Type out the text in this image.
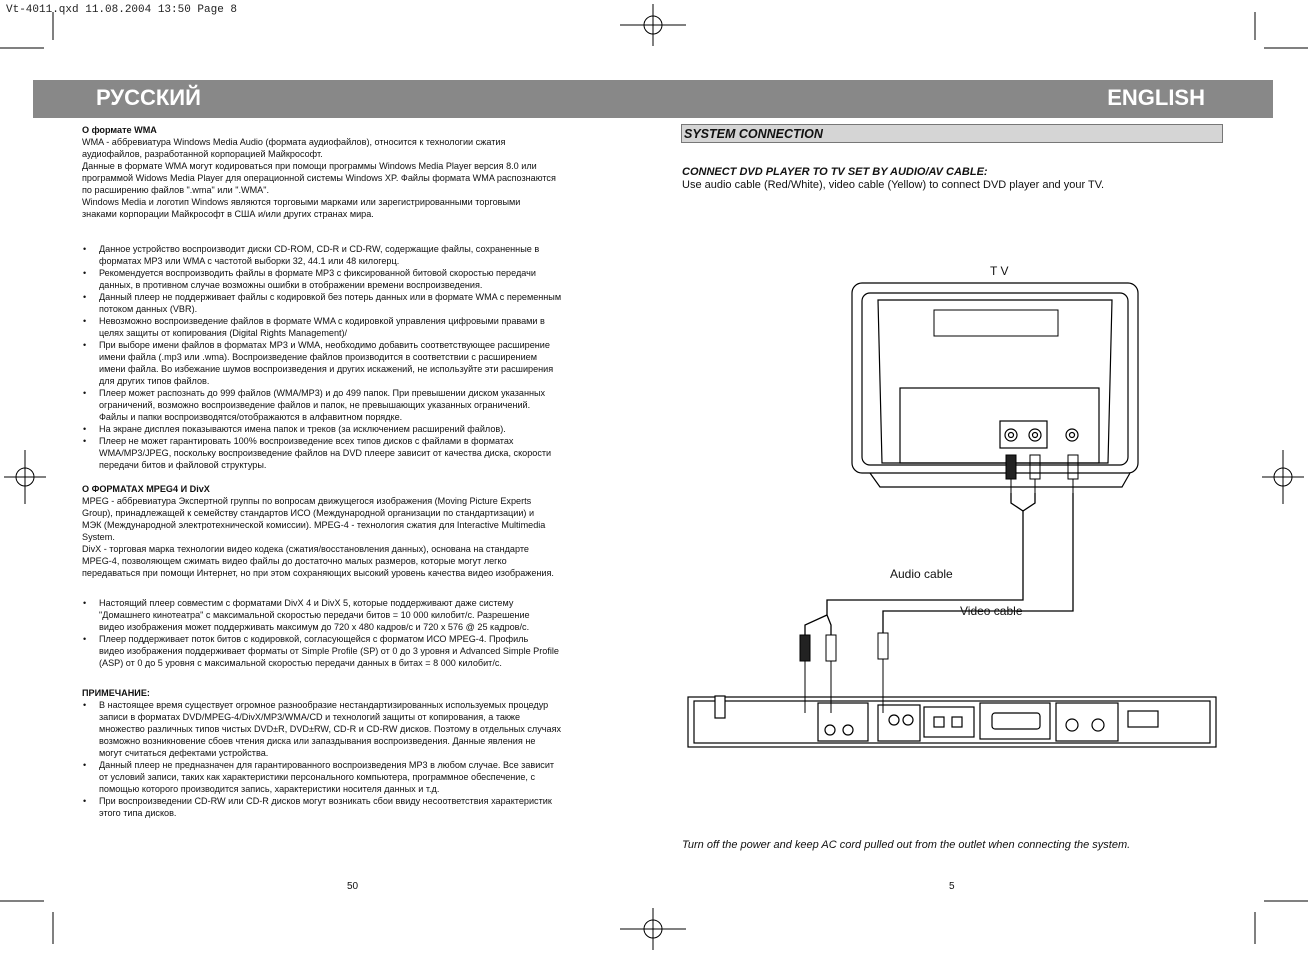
Vt-4011.qxd 11.08.2004 13:50 Page 8
РУССКИЙ	ENGLISH
О формате WMA

WMA - аббревиатура Windows Media Audio (формата аудиофайлов), относится к технологии сжатия

аудиофайлов, разработанной корпорацией Майкрософт.

Данные в формате WMA могут кодироваться при помощи программы Windows Media Player версия 8.0 или

программой Widows Media Player для операционной системы Windows XP. Файлы формата WMA распознаются

по расширению файлов ".wma" или ".WMA".

Windows Media и логотип Windows являются торговыми марками или зарегистрированными торговыми

знаками корпорации Майкрософт в США и/или других странах мира.

• Данное устройство воспроизводит диски CD-ROM, CD-R и CD-RW, содержащие файлы, сохраненные в
форматах MP3 или WMA с частотой выборки 32, 44.1 или 48 килогерц.
• Рекомендуется воспроизводить файлы в формате MP3 с фиксированной битовой скоростью передачи
данных, в противном случае возможны ошибки в отображении времени воспроизведения.
• Данный плеер не поддерживает файлы с кодировкой без потерь данных или в формате WMA с переменным
потоком данных (VBR).
• Невозможно воспроизведение файлов в формате WMA с кодировкой управления цифровыми правами в
целях защиты от копирования (Digital Rights Management)/
• При выборе имени файлов в форматах MP3 и WMA, необходимо добавить соответствующее расширение
имени файла (.mp3 или .wma). Воспроизведение файлов производится в соответствии с расширением
имени файла. Во избежание шумов воспроизведения и других искажений, не используйте эти расширения
для других типов файлов.
• Плеер может распознать до 999 файлов (WMA/MP3) и до 499 папок. При превышении диском указанных
ограничений, возможно воспроизведение файлов и папок, не превышающих указанных ограничений.
Файлы и папки воспроизводятся/отображаются в алфавитном порядке.
• На экране дисплея показываются имена папок и треков (за исключением расширений файлов).
• Плеер не может гарантировать 100% воспроизведение всех типов дисков с файлами в форматах
WMA/MP3/JPEG, поскольку воспроизведение файлов на DVD плеере зависит от качества диска, скорости
передачи битов и файловой структуры.
О ФОРМАТАХ MPEG4 И DivX

MPEG - аббревиатура Экспертной группы по вопросам движущегося изображения (Moving Picture Experts

Group), принадлежащей к семейству стандартов ИСО (Международной организации по стандартизации) и

МЭК (Международной электротехнической комиссии). MPEG-4 - технология сжатия для Interactive Multimedia

System.

DivX - торговая марка технологии видео кодека (сжатия/восстановления данных), основана на стандарте

MPEG-4, позволяющем сжимать видео файлы до достаточно малых размеров, которые могут легко

передаваться при помощи Интернет, но при этом сохраняющих высокий уровень качества видео изображения.

• Настоящий плеер совместим с форматами DivX 4 и DivX 5, которые поддерживают даже систему
"Домашнего кинотеатра" с максимальной скоростью передачи битов = 10 000 килобит/с. Разрешение
видео изображения может поддерживать максимум до 720 x 480 кадров/с и 720 x 576 @ 25 кадров/с.
• Плеер поддерживает поток битов с кодировкой, согласующейся с форматом ИСО MPEG-4. Профиль
видео изображения поддерживает форматы от Simple Profile (SP) от 0 до 3 уровня и Advanced Simple Profile
(ASP) от 0 до 5 уровня с максимальной скоростью передачи данных в битах = 8 000 килобит/с.
ПРИМЕЧАНИЕ:
• В настоящее время существует огромное разнообразие нестандартизированных используемых процедур
записи в форматах DVD/MPEG-4/DivX/MP3/WMA/CD и технологий защиты от копирования, а также
множество различных типов чистых DVD±R, DVD±RW, CD-R и CD-RW дисков. Поэтому в отдельных случаях
возможно возникновение сбоев чтения диска или запаздывания воспроизведения. Данные явления не
могут считаться дефектами устройства.
• Данный плеер не предназначен для гарантированного воспроизведения MP3 в любом случае. Все зависит
от условий записи, таких как характеристики персонального компьютера, программное обеспечение, с
помощью которого производится запись, характеристики носителя данных и т.д.
• При воспроизведении CD-RW или CD-R дисков могут возникать сбои ввиду несоответствия характеристик
этого типа дисков.
50
SYSTEM CONNECTION
CONNECT DVD PLAYER TO TV SET BY AUDIO/AV CABLE:
Use audio cable (Red/White), video cable (Yellow) to connect DVD player and your TV.
T V
Audio cable
Video cable
Turn off the power and keep AC cord pulled out from the outlet when connecting the system.
5
